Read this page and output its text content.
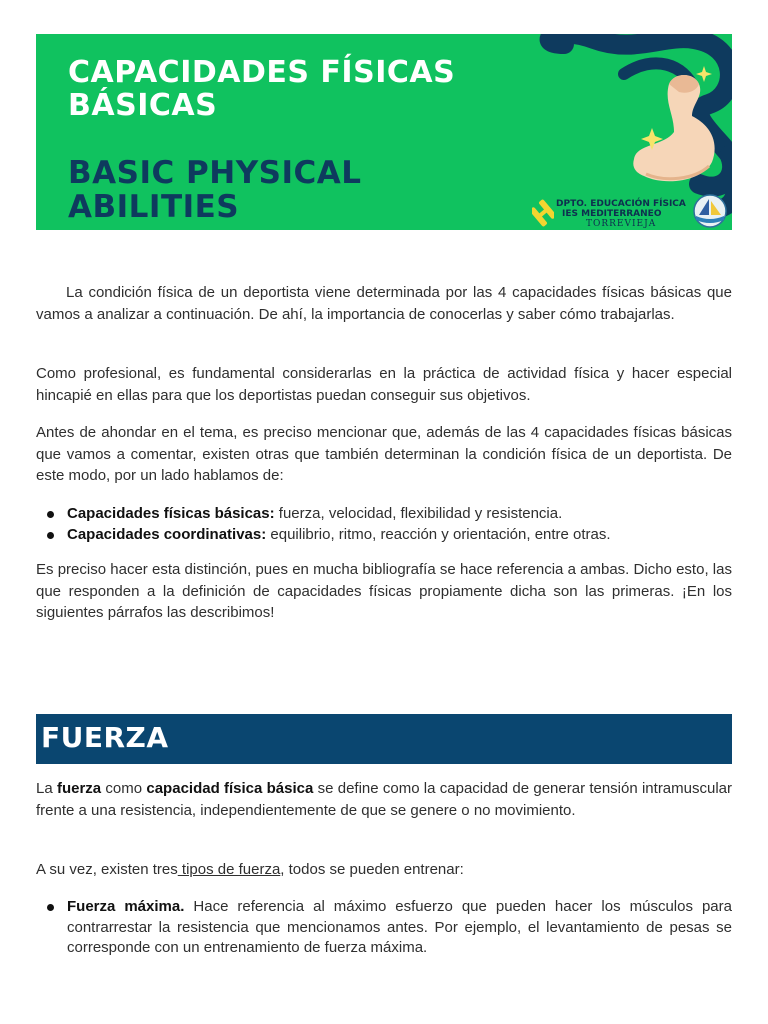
CAPACIDADES FÍSICAS BÁSICAS
BASIC PHYSICAL ABILITIES	DPTO. EDUCACIÓN FÍSICA
IES MEDITERRANEO
TORREVIEJA

La condición física de un deportista viene determinada por las 4 capacidades físicas básicas que vamos a analizar a continuación. De ahí, la importancia de conocerlas y saber cómo trabajarlas.

Como profesional, es fundamental considerarlas en la práctica de actividad física y hacer especial hincapié en ellas para que los deportistas puedan conseguir sus objetivos.

Antes de ahondar en el tema, es preciso mencionar que, además de las 4 capacidades físicas básicas que vamos a comentar, existen otras que también determinan la condición física de un deportista. De este modo, por un lado hablamos de:

Capacidades físicas básicas: fuerza, velocidad, flexibilidad y resistencia.
Capacidades coordinativas: equilibrio, ritmo, reacción y orientación, entre otras.

Es preciso hacer esta distinción, pues en mucha bibliografía se hace referencia a ambas. Dicho esto, las que responden a la definición de capacidades físicas propiamente dicha son las primeras. ¡En los siguientes párrafos las describimos!

FUERZA

La fuerza como capacidad física básica se define como la capacidad de generar tensión intramuscular frente a una resistencia, independientemente de que se genere o no movimiento.

A su vez, existen tres tipos de fuerza, todos se pueden entrenar:

Fuerza máxima. Hace referencia al máximo esfuerzo que pueden hacer los músculos para contrarrestar la resistencia que mencionamos antes. Por ejemplo, el levantamiento de pesas se corresponde con un entrenamiento de fuerza máxima.
